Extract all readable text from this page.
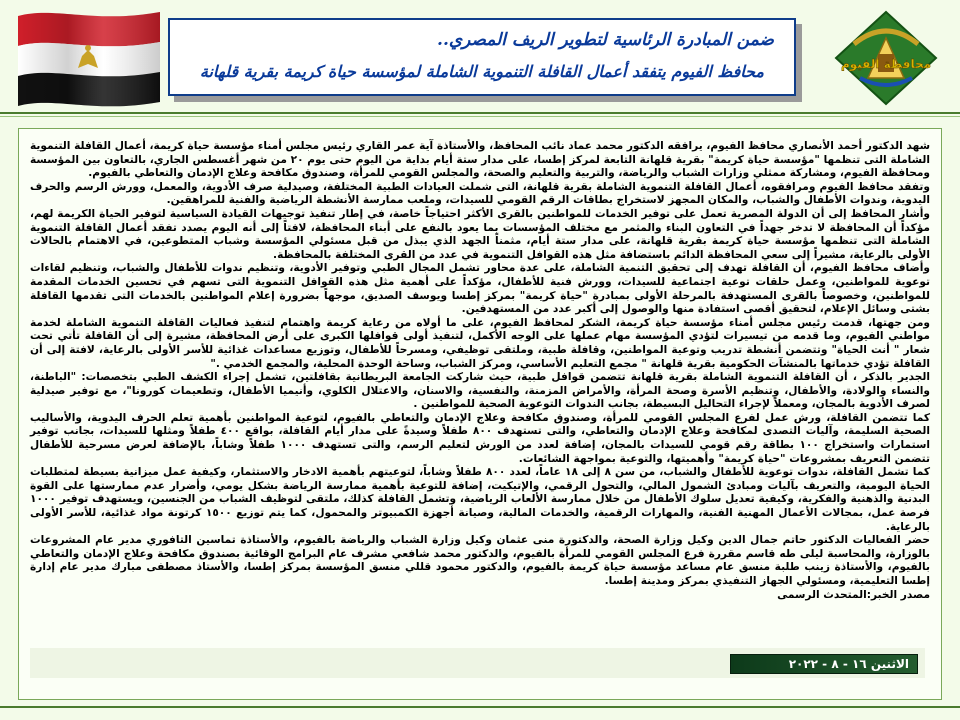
محافظة الفيوم
ضمن المبادرة الرئاسية لتطوير الريف المصري..
محافظ الفيوم يتفقد أعمال القافلة التنموية الشاملة لمؤسسة حياة كريمة بقرية قلهانة

شهد الدكتور أحمد الأنصاري محافظ الفيوم، يرافقه الدكتور محمد عماد نائب المحافظ، والأستاذة آية عمر القاري رئيس مجلس أمناء مؤسسة حياة كريمة، أعمال القافلة التنموية الشاملة التى تنظمها "مؤسسة حياة كريمة" بقرية قلهانة التابعة لمركز إطسا، على مدار ستة أيام بداية من اليوم حتى يوم ٢٠ من شهر أغسطس الجاري، بالتعاون بين المؤسسة ومحافظة الفيوم، ومشاركة ممثلي وزارات الشباب والرياضة، والتربية والتعليم والصحة، والمجلس القومي للمرأة، وصندوق مكافحة وعلاج الإدمان والتعاطي بالفيوم.

وتفقد محافظ الفيوم ومرافقوه، أعمال القافلة التنموية الشاملة بقرية قلهانة، التى شملت العيادات الطبية المختلفة، وصيدلية صرف الأدوية، والمعمل، وورش الرسم والحرف اليدوية، وندوات الأطفال والشباب، والمكان المجهز لاستخراج بطاقات الرقم القومي للسيدات، وملعب ممارسة الأنشطة الرياضية والفنية للمراهقين.

وأشار المحافظ إلى أن الدولة المصرية تعمل على توفير الخدمات للمواطنين بالقرى الأكثر احتياجاً خاصة، في إطار تنفيذ توجيهات القيادة السياسية لتوفير الحياة الكريمة لهم، مؤكداً أن المحافظة لا تدخر جهداً في التعاون البناء والمثمر مع مختلف المؤسسات بما يعود بالنفع على أبناء المحافظة، لافتاً إلى أنه اليوم يصدد تفقد أعمال القافلة التنموية الشاملة التى تنظمها مؤسسة حياة كريمة بقرية قلهانة، على مدار ستة أيام، مثمناً الجهد الذي يبذل من قبل مسئولي المؤسسة وشباب المتطوعين، في الاهتمام بالحالات الأولى بالرعاية، مشيراً إلى سعي المحافظة الدائم باستضافة مثل هذه القوافل التنموية في عدد من القرى المختلفة بالمحافظة.

وأضاف محافظ الفيوم، أن القافلة تهدف إلى تحقيق التنمية الشاملة، على عدة محاور تشمل المجال الطبي وتوفير الأدوية، وتنظيم ندوات للأطفال والشباب، وتنظيم لقاءات توعوية للمواطنين، وعمل حلقات توعية اجتماعية للسيدات، وورش فنية للأطفال، مؤكداً على أهمية مثل هذه القوافل التنموية التى تسهم في تحسين الخدمات المقدمة للمواطنين، وخصوصاً بالقرى المستهدفة بالمرحلة الأولى بمبادرة "حياة كريمة" بمركز إطسا ويوسف الصديق، موجهاً بضرورة إعلام المواطنين بالخدمات التى تقدمها القافلة بشتى وسائل الإعلام، لتحقيق أقصى استفادة منها والوصول إلى أكبر عدد من المستهدفين.

ومن جهتها، قدمت رئيس مجلس أمناء مؤسسة حياة كريمة، الشكر لمحافظ الفيوم، على ما أولاه من رعاية كريمة واهتمام لتنفيذ فعاليات القافلة التنموية الشاملة لخدمة مواطني الفيوم، وما قدمه من تيسيرات لتؤدي المؤسسة مهام عملها على الوجه الأكمل، لتنفيذ أولى قوافلها الكبرى على أرض المحافظة، مشيرة إلى أن القافلة تأتي تحت شعار " أنت الحياة" وتتضمن أنشطة تدريب وتوعية المواطنين، وقافلة طبية، وملتقى توظيفي، ومسرحاً للأطفال، وتوزيع مساعدات غذائية للأسر الأولى بالرعاية، لافتة إلى أن القافلة تؤدي خدماتها بالمنشآت الحكومية بقرية قلهانة " مجمع التعليم الأساسي، ومركز الشباب، وساحة الوحدة المحلية، والمجمع الخدمي ."

الجدير بالذكر ، أن القافلة التنموية الشاملة بقرية قلهانة تتضمن قوافل طبية، حيث شاركت الجامعة البريطانية بقافلتين، تشمل إجراء الكشف الطبي بتخصصات: "الباطنة، والنساء والولادة، والأطفال، وتنظيم الأسرة وصحة المرأة، والأمراض المزمنة، والنفسية، والاسنان، والاعتلال الكلوي، وأنيميا الأطفال، وتطعيمات كورونا"، مع توفير صيدلية لصرف الأدوية بالمجان، ومعملاً لإجراء التحاليل البسيطة، بجانب الندوات التوعوية الصحية للمواطنين .

كما تتضمن القافلة، ورش عمل لفرع المجلس القومي للمرأة، وصندوق مكافحة وعلاج الإدمان والتعاطي بالفيوم، لتوعية المواطنين بأهمية تعلم الحرف اليدوية، والأساليب الصحية السليمة، وآليات التصدى لمكافحة وعلاج الإدمان والتعاطي، والتى تستهدف ٨٠٠ طفلاً وسيدةً على مدار أيام القافلة، بواقع ٤٠٠ طفلاً ومثلها للسيدات، بجانب توفير استمارات واستخراج ١٠٠ بطاقة رقم قومي للسيدات بالمجان، إضافة لعدد من الورش لتعليم الرسم، والتى تستهدف ١٠٠٠ طفلاً وشاباً، بالإضافة لعرض مسرحية للأطفال تتضمن التعريف بمشروعات "حياة كريمة" وأهميتها، والتوعية بمواجهة الشائعات.

كما تشمل القافلة، ندوات توعوية للأطفال والشباب، من سن ٨ إلى ١٨ عاماً، لعدد ٨٠٠ طفلاً وشاباً، لتوعيتهم بأهمية الادخار والاستثمار، وكيفية عمل ميزانية بسيطة لمتطلبات الحياة اليومية، والتعريف بآليات ومبادئ الشمول المالي، والتحول الرقمي، والإتيكيت، إضافة للتوعية بأهمية ممارسة الرياضة بشكل يومي، وأضرار عدم ممارستها على القوة البدنية والذهنية والفكرية، وكيفية تعديل سلوك الأطفال من خلال ممارسة الألعاب الرياضية، وتشمل القافلة كذلك، ملتقى لتوظيف الشباب من الجنسين، ويستهدف توفير ١٠٠٠ فرصة عمل، بمجالات الأعمال المهنية الفنية، والمهارات الرقمية، والخدمات المالية، وصيانة أجهزة الكمبيوتر والمحمول، كما يتم توزيع ١٥٠٠ كرتونة مواد غذائية، للأسر الأولى بالرعاية.

حضر الفعاليات الدكتور حاتم جمال الدين وكيل وزارة الصحة، والدكتورة منى عثمان وكيل وزارة الشباب والرياضة بالفيوم، والأستاذة تماسين التافوري مدير عام المشروعات بالوزارة، والمحاسبة ليلى طه قاسم مقررة فرع المجلس القومي للمرأة بالفيوم، والدكتور محمد شافعي مشرف عام البرامج الوقائية بصندوق مكافحة وعلاج الإدمان والتعاطي بالفيوم، والأستاذة زينب طلبة منسق عام مساعد مؤسسة حياة كريمة بالفيوم، والدكتور محمود قللي منسق المؤسسة بمركز إطسا، والأستاذ مصطفى مبارك مدير عام إدارة إطسا التعليمية، ومسئولي الجهاز التنفيذي بمركز ومدينة إطسا.

مصدر الخبر:المتحدث الرسمى

الاثنين ١٦ - ٨ - ٢٠٢٢
